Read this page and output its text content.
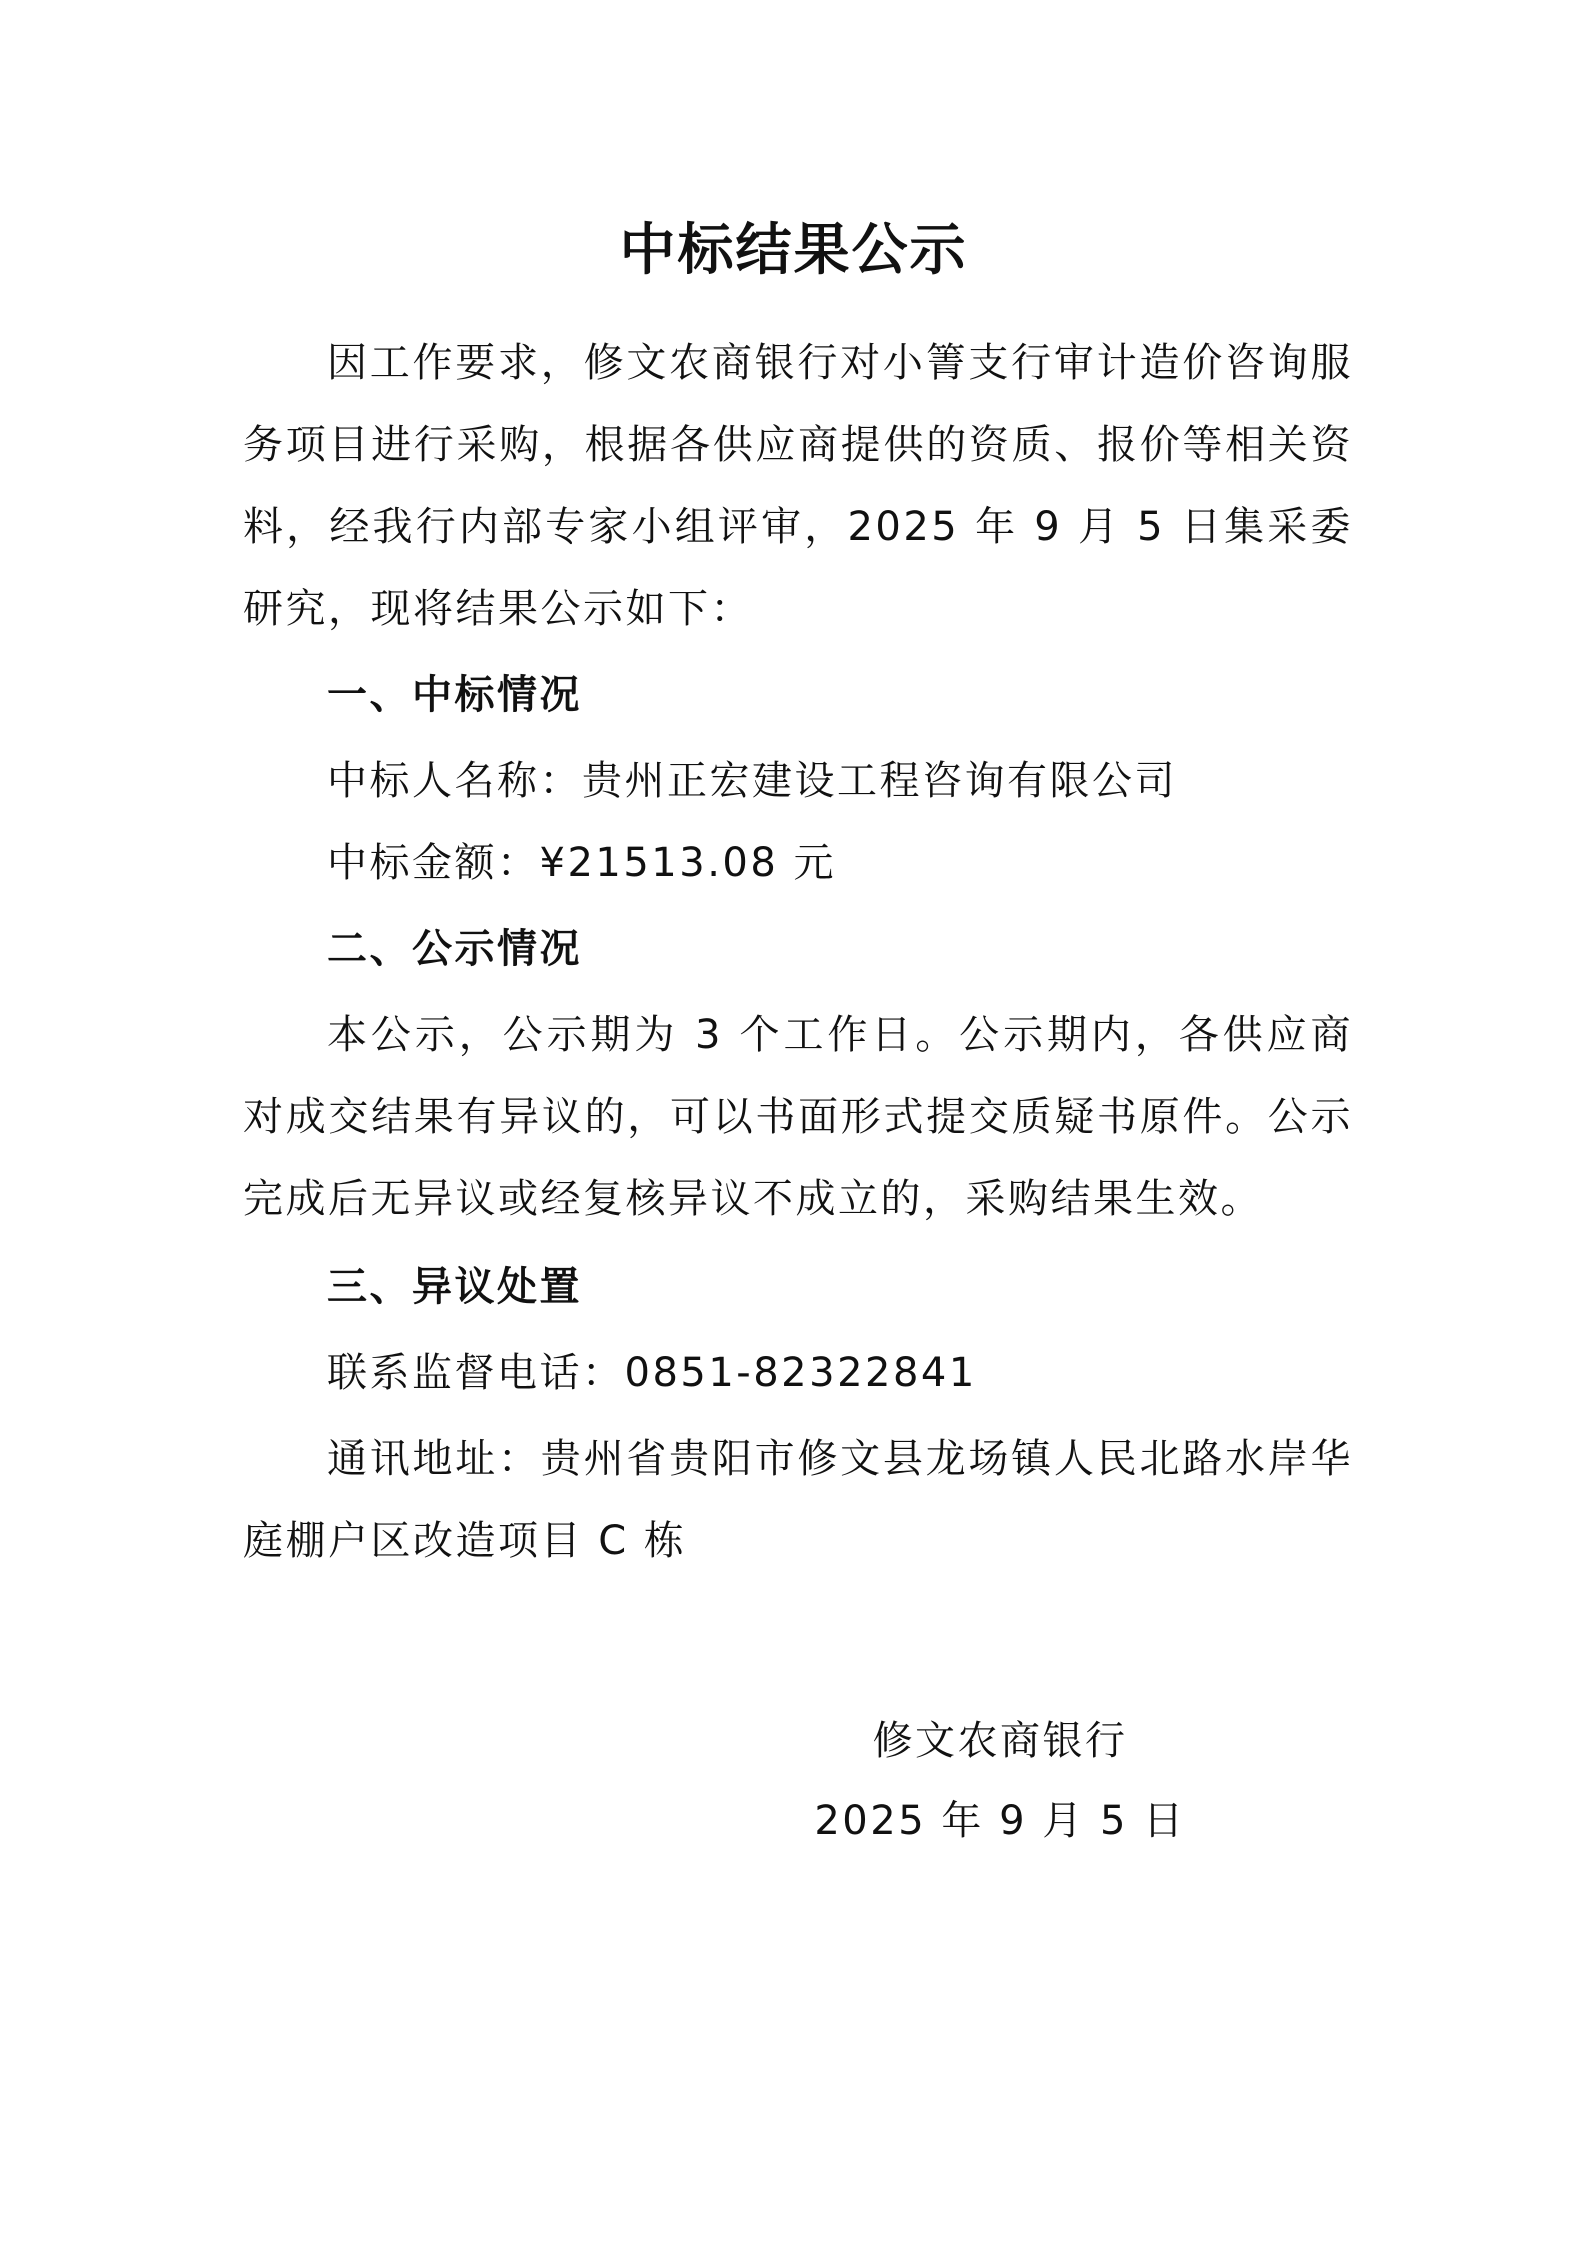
中标结果公示

因工作要求，修文农商银行对小箐支行审计造价咨询服务项目进行采购，根据各供应商提供的资质、报价等相关资料，经我行内部专家小组评审，2025 年 9 月 5 日集采委研究，现将结果公示如下：

一、中标情况

中标人名称：贵州正宏建设工程咨询有限公司

中标金额：¥21513.08 元

二、公示情况

本公示，公示期为 3 个工作日。公示期内，各供应商对成交结果有异议的，可以书面形式提交质疑书原件。公示完成后无异议或经复核异议不成立的，采购结果生效。

三、异议处置

联系监督电话：0851-82322841

通讯地址：贵州省贵阳市修文县龙场镇人民北路水岸华庭棚户区改造项目 C 栋

修文农商银行
2025 年 9 月 5 日
